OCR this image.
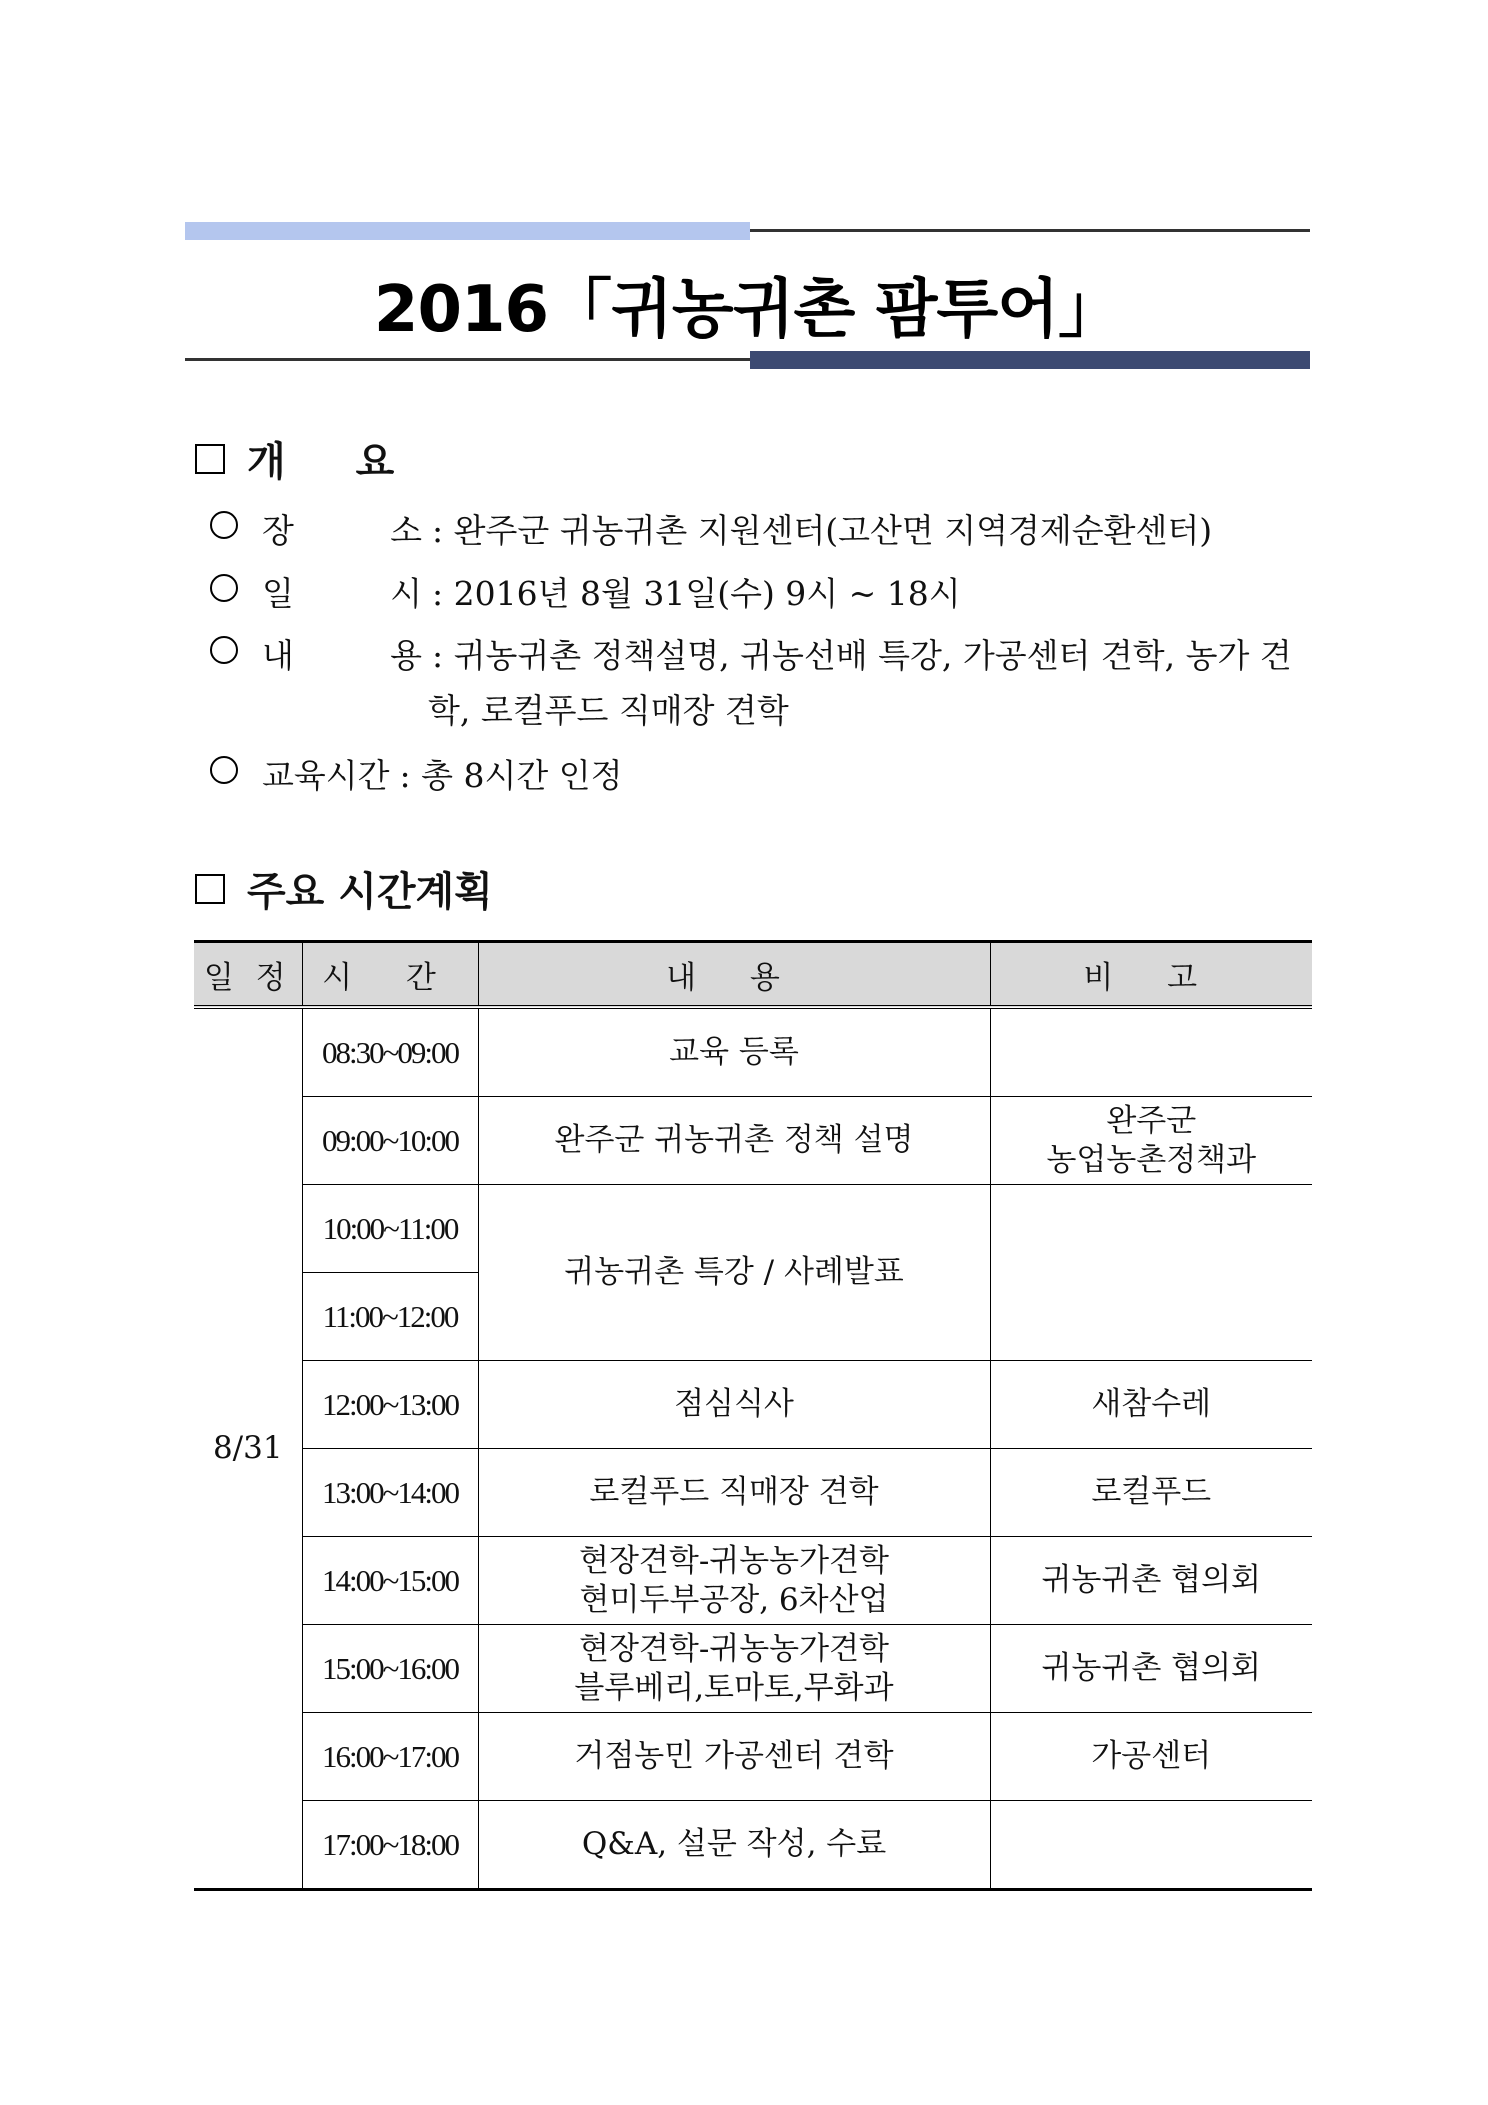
2016「귀농귀촌 팜투어」
개 요
장	소 : 완주군 귀농귀촌 지원센터(고산면 지역경제순환센터)
일	시 : 2016년 8월 31일(수) 9시 ~ 18시
내	용 : 귀농귀촌 정책설명, 귀농선배 특강, 가공센터 견학, 농가 견
학, 로컬푸드 직매장 견학
교육시간 : 총 8시간 인정
주요 시간계획
일 정	시 간	내 용	비 고
8/31	08:30~09:00	교육 등록	
	09:00~10:00	완주군 귀농귀촌 정책 설명	완주군
농업농촌정책과

	10:00~11:00	귀농귀촌 특강 / 사례발표	
	11:00~12:00		
	12:00~13:00	점심식사	새참수레
	13:00~14:00	로컬푸드 직매장 견학	로컬푸드
	14:00~15:00	현장견학-귀농농가견학
현미두부공장, 6차산업	귀농귀촌 협의회
	15:00~16:00	현장견학-귀농농가견학
블루베리,토마토,무화과	귀농귀촌 협의회
	16:00~17:00	거점농민 가공센터 견학	가공센터
	17:00~18:00	Q&A, 설문 작성, 수료	
